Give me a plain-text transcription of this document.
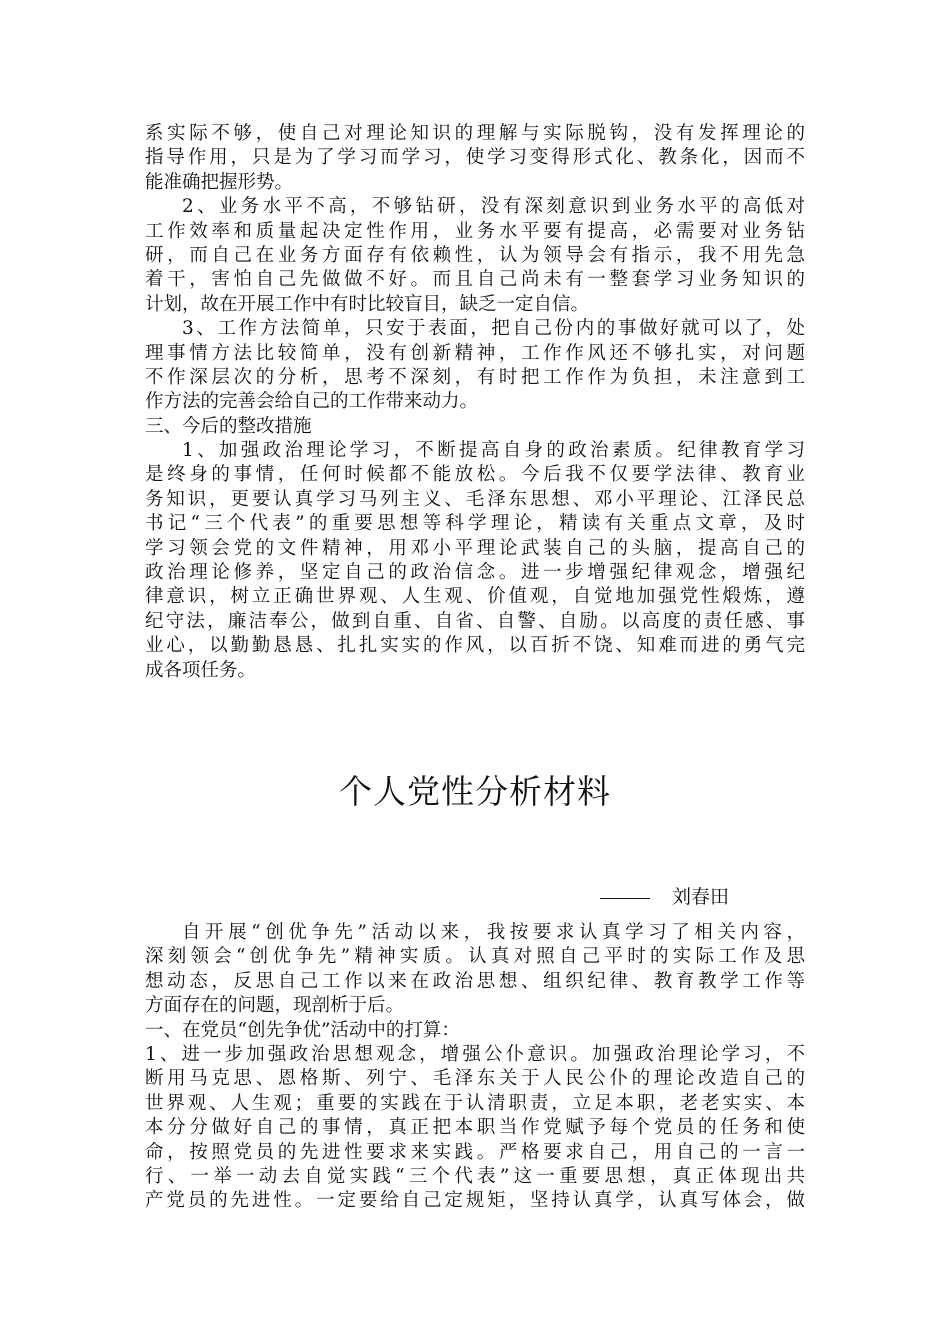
系实际不够，使自己对理论知识的理解与实际脱钩，没有发挥理论的
指导作用，只是为了学习而学习，使学习变得形式化、教条化，因而不
能准确把握形势。
2、业务水平不高，不够钻研，没有深刻意识到业务水平的高低对
工作效率和质量起决定性作用，业务水平要有提高，必需要对业务钻
研，而自己在业务方面存有依赖性，认为领导会有指示，我不用先急
着干，害怕自己先做做不好。而且自己尚未有一整套学习业务知识的
计划，故在开展工作中有时比较盲目，缺乏一定自信。
3、工作方法简单，只安于表面，把自己份内的事做好就可以了，处
理事情方法比较简单，没有创新精神，工作作风还不够扎实，对问题
不作深层次的分析，思考不深刻，有时把工作作为负担，未注意到工
作方法的完善会给自己的工作带来动力。
三、今后的整改措施
1、加强政治理论学习，不断提高自身的政治素质。纪律教育学习
是终身的事情，任何时候都不能放松。今后我不仅要学法律、教育业
务知识，更要认真学习马列主义、毛泽东思想、邓小平理论、江泽民总
书记“三个代表”的重要思想等科学理论，精读有关重点文章，及时
学习领会党的文件精神，用邓小平理论武装自己的头脑，提高自己的
政治理论修养，坚定自己的政治信念。进一步增强纪律观念，增强纪
律意识，树立正确世界观、人生观、价值观，自觉地加强党性煅炼，遵
纪守法，廉洁奉公，做到自重、自省、自警、自励。以高度的责任感、事
业心，以勤勤恳恳、扎扎实实的作风，以百折不饶、知难而进的勇气完
成各项任务。
个人党性分析材料
刘春田
自开展“创优争先”活动以来，我按要求认真学习了相关内容，
深刻领会“创优争先”精神实质。认真对照自己平时的实际工作及思
想动态，反思自己工作以来在政治思想、组织纪律、教育教学工作等
方面存在的问题，现剖析于后。
一、在党员“创先争优”活动中的打算：
1、进一步加强政治思想观念，增强公仆意识。加强政治理论学习，不
断用马克思、恩格斯、列宁、毛泽东关于人民公仆的理论改造自己的
世界观、人生观；重要的实践在于认清职责，立足本职，老老实实、本
本分分做好自己的事情，真正把本职当作党赋予每个党员的任务和使
命，按照党员的先进性要求来实践。严格要求自己，用自己的一言一
行、一举一动去自觉实践“三个代表”这一重要思想，真正体现出共
产党员的先进性。一定要给自己定规矩，坚持认真学，认真写体会，做
